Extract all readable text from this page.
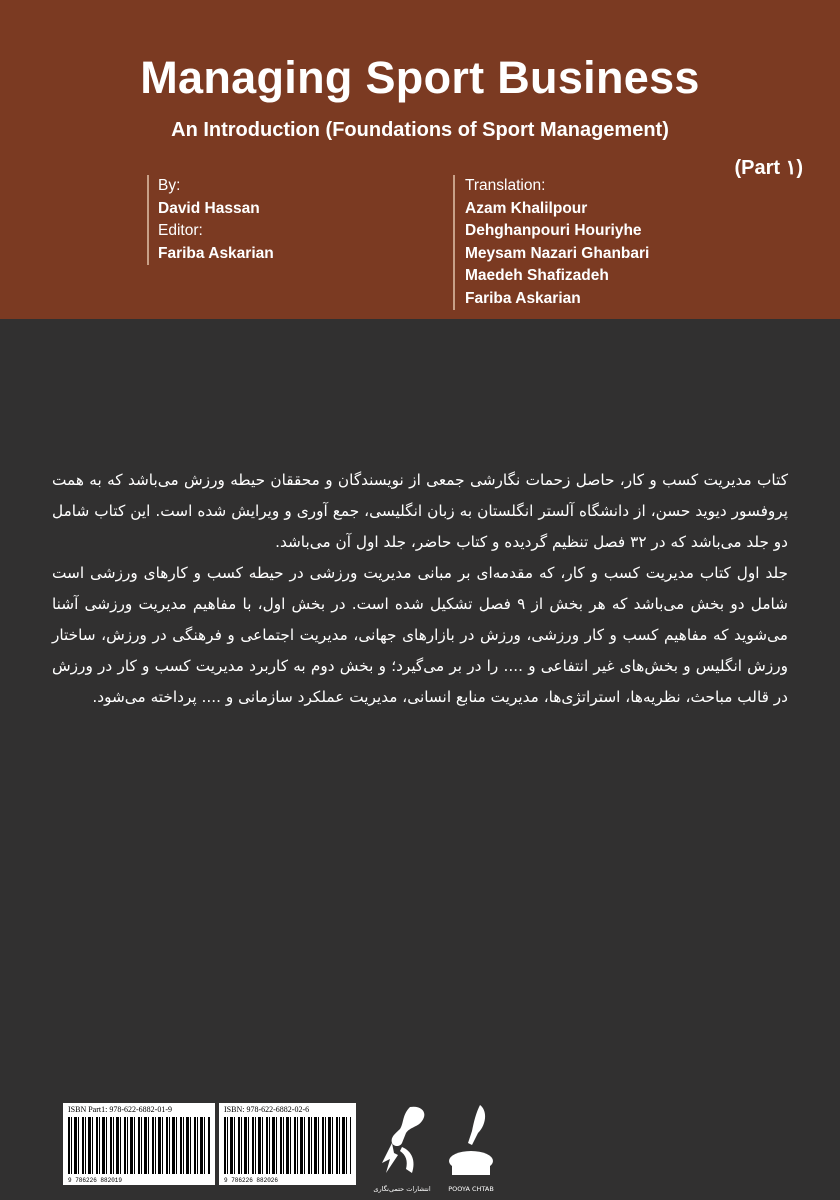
Managing Sport Business
An Introduction (Foundations of Sport Management)
(Part ۱)
By:
David Hassan
Editor:
Fariba Askarian
Translation:
Azam Khalilpour
Dehghanpouri Houriyhe
Meysam Nazari Ghanbari
Maedeh Shafizadeh
Fariba Askarian

کتاب مدیریت کسب و کار، حاصل زحمات نگارشی جمعی از نویسندگان و محققان حیطه ورزش می‌باشد که به همت پروفسور دیوید حسن، از دانشگاه آلستر انگلستان به زبان انگلیسی، جمع آوری و ویرایش شده است. این کتاب شامل دو جلد می‌باشد که در ۳۲ فصل تنظیم گردیده و کتاب حاضر، جلد اول آن می‌باشد.

جلد اول کتاب مدیریت کسب و کار، که مقدمه‌ای بر مبانی مدیریت ورزشی در حیطه کسب و کارهای ورزشی است شامل دو بخش می‌باشد که هر بخش از ۹ فصل تشکیل شده است. در بخش اول، با مفاهیم مدیریت ورزشی آشنا می‌شوید که مفاهیم کسب و کار ورزشی، ورزش در بازارهای جهانی، مدیریت اجتماعی و فرهنگی در ورزش، ساختار ورزش انگلیس و بخش‌های غیر انتفاعی و .... را در بر می‌گیرد؛ و بخش دوم به کاربرد مدیریت کسب و کار در ورزش در قالب مباحث، نظریه‌ها، استراتژی‌ها، مدیریت منابع انسانی، مدیریت عملکرد سازمانی و .... پرداخته می‌شود.

ISBN Part1: 978-622-6882-01-9
9 786226 882019
ISBN: 978-622-6882-02-6
9 786226 882026
انتشارات حتمی‌نگاری	POOYA CHTAB
